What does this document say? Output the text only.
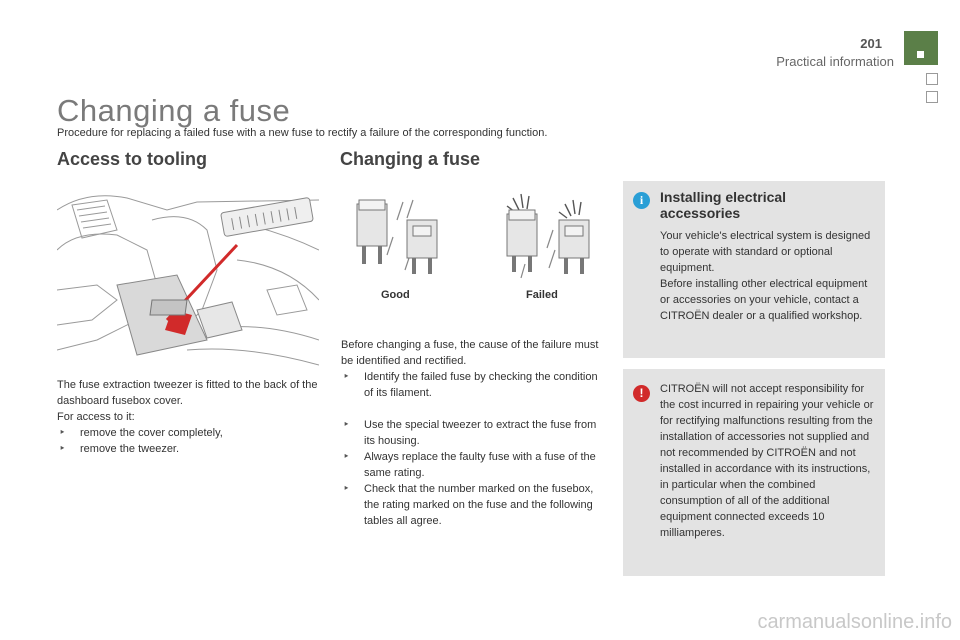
201
Practical information
Changing a fuse
Procedure for replacing a failed fuse with a new fuse to rectify a failure of the corresponding function.
Access to tooling
The fuse extraction tweezer is fitted to the back of the dashboard fusebox cover.
For access to it:
‣ remove the cover completely,
‣ remove the tweezer.
Changing a fuse
Good	Failed
Before changing a fuse, the cause of the failure must be identified and rectified.
‣ Identify the failed fuse by checking the condition of its filament.
‣ Use the special tweezer to extract the fuse from its housing.
‣ Always replace the faulty fuse with a fuse of the same rating.
‣ Check that the number marked on the fusebox, the rating marked on the fuse and the following tables all agree.
i	Installing electrical accessories
Your vehicle's electrical system is designed to operate with standard or optional equipment.
Before installing other electrical equipment or accessories on your vehicle, contact a CITROËN dealer or a qualified workshop.
!	CITROËN will not accept responsibility for the cost incurred in repairing your vehicle or for rectifying malfunctions resulting from the installation of accessories not supplied and not recommended by CITROËN and not installed in accordance with its instructions, in particular when the combined consumption of all of the additional equipment connected exceeds 10 milliamperes.
carmanualsonline.info
